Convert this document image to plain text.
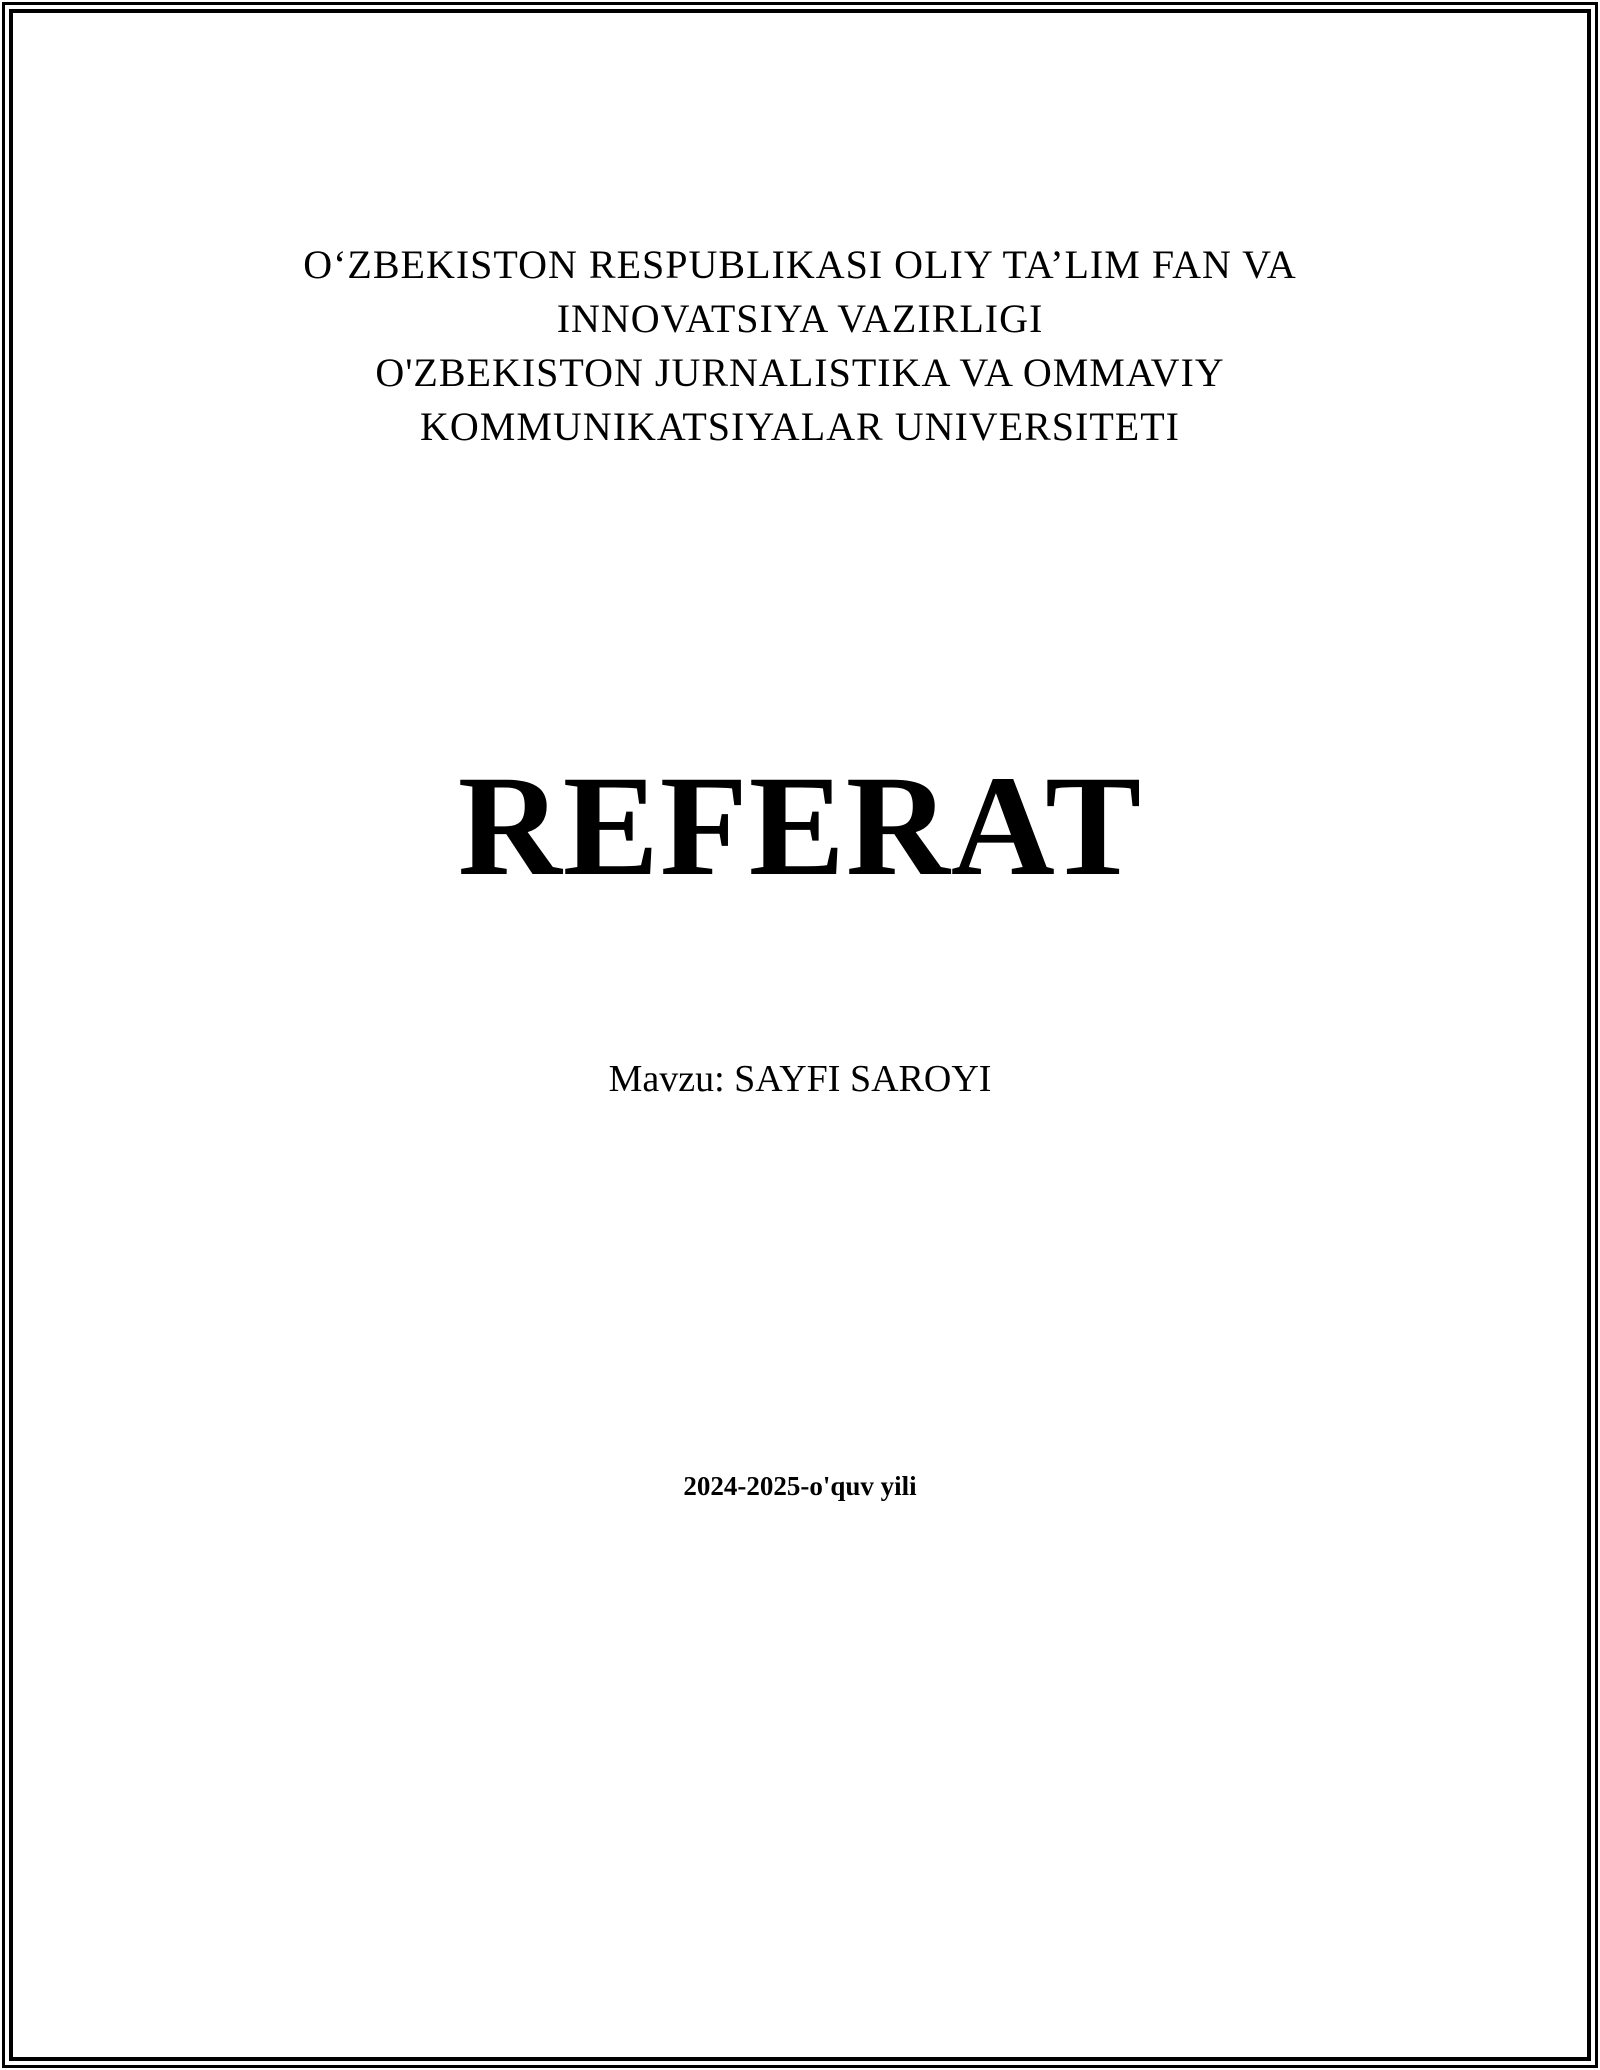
O‘ZBEKISTON RESPUBLIKASI OLIY TA’LIM FAN VA
INNOVATSIYA VAZIRLIGI
O'ZBEKISTON JURNALISTIKA VA OMMAVIY
KOMMUNIKATSIYALAR UNIVERSITETI
REFERAT
Mavzu: SAYFI SAROYI
2024-2025-o'quv yili
